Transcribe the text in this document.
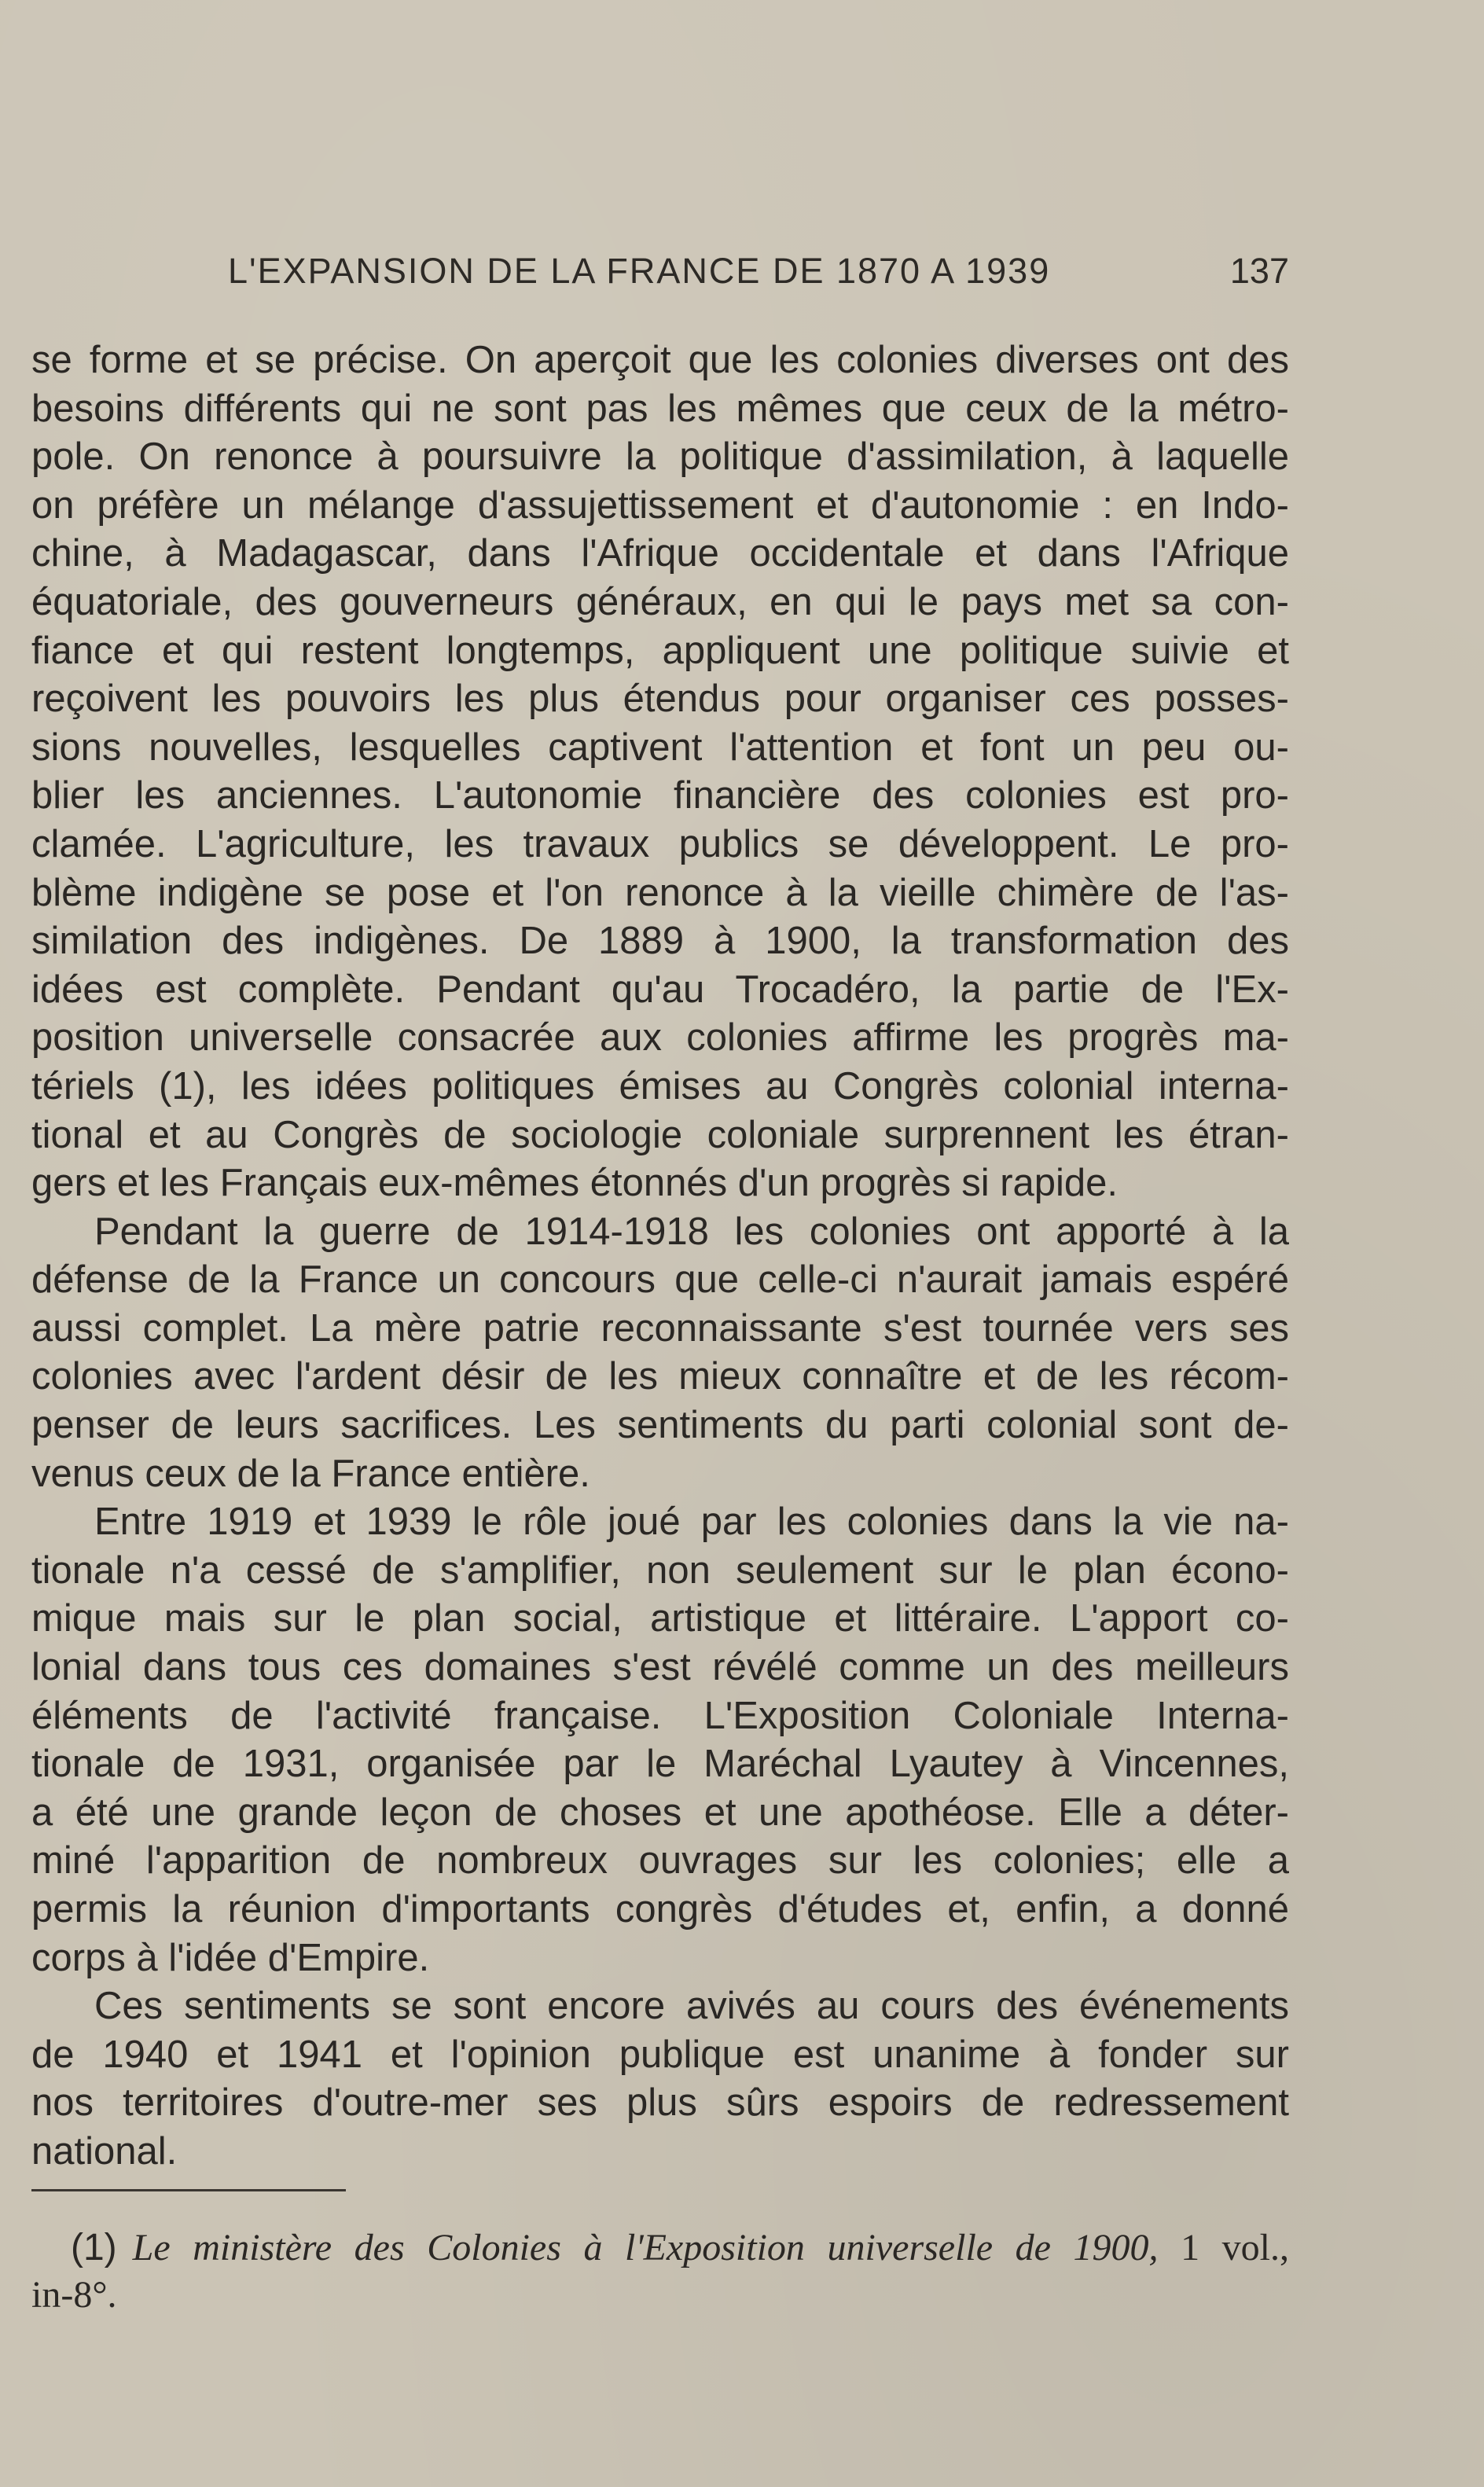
L'EXPANSION DE LA FRANCE DE 1870 A 1939	137
se forme et se précise. On aperçoit que les colonies diverses ont des
besoins différents qui ne sont pas les mêmes que ceux de la métro-
pole. On renonce à poursuivre la politique d'assimilation, à laquelle
on préfère un mélange d'assujettissement et d'autonomie : en Indo-
chine, à Madagascar, dans l'Afrique occidentale et dans l'Afrique
équatoriale, des gouverneurs généraux, en qui le pays met sa con-
fiance et qui restent longtemps, appliquent une politique suivie et
reçoivent les pouvoirs les plus étendus pour organiser ces posses-
sions nouvelles, lesquelles captivent l'attention et font un peu ou-
blier les anciennes. L'autonomie financière des colonies est pro-
clamée. L'agriculture, les travaux publics se développent. Le pro-
blème indigène se pose et l'on renonce à la vieille chimère de l'as-
similation des indigènes. De 1889 à 1900, la transformation des
idées est complète. Pendant qu'au Trocadéro, la partie de l'Ex-
position universelle consacrée aux colonies affirme les progrès ma-
tériels (1), les idées politiques émises au Congrès colonial interna-
tional et au Congrès de sociologie coloniale surprennent les étran-
gers et les Français eux-mêmes étonnés d'un progrès si rapide.
Pendant la guerre de 1914-1918 les colonies ont apporté à la
défense de la France un concours que celle-ci n'aurait jamais espéré
aussi complet. La mère patrie reconnaissante s'est tournée vers ses
colonies avec l'ardent désir de les mieux connaître et de les récom-
penser de leurs sacrifices. Les sentiments du parti colonial sont de-
venus ceux de la France entière.
Entre 1919 et 1939 le rôle joué par les colonies dans la vie na-
tionale n'a cessé de s'amplifier, non seulement sur le plan écono-
mique mais sur le plan social, artistique et littéraire. L'apport co-
lonial dans tous ces domaines s'est révélé comme un des meilleurs
éléments de l'activité française. L'Exposition Coloniale Interna-
tionale de 1931, organisée par le Maréchal Lyautey à Vincennes,
a été une grande leçon de choses et une apothéose. Elle a déter-
miné l'apparition de nombreux ouvrages sur les colonies; elle a
permis la réunion d'importants congrès d'études et, enfin, a donné
corps à l'idée d'Empire.
Ces sentiments se sont encore avivés au cours des événements
de 1940 et 1941 et l'opinion publique est unanime à fonder sur
nos territoires d'outre-mer ses plus sûrs espoirs de redressement
national.
(1) Le ministère des Colonies à l'Exposition universelle de 1900, 1 vol.,
in-8°.
